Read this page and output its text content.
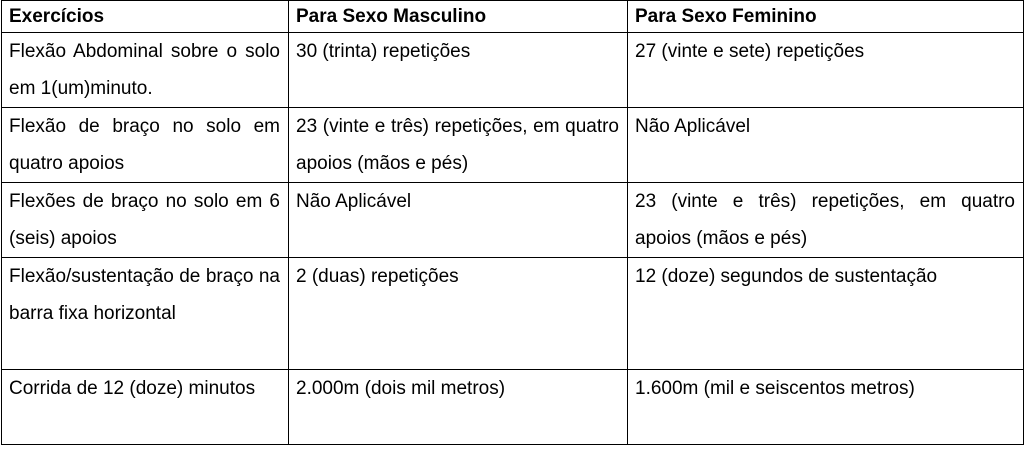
Exercícios	Para Sexo Masculino	Para Sexo Feminino
Flexão Abdominal sobre o solo em 1(um)minuto.	30 (trinta) repetições	27 (vinte e sete) repetições
Flexão de braço no solo em quatro apoios	23 (vinte e três) repetições, em quatro apoios (mãos e pés)	Não Aplicável
Flexões de braço no solo em 6 (seis) apoios	Não Aplicável	23 (vinte e três) repetições, em quatro apoios (mãos e pés)
Flexão/sustentação de braço na barra fixa horizontal	2 (duas) repetições	12 (doze) segundos de sustentação
Corrida de 12 (doze) minutos	2.000m (dois mil metros)	1.600m (mil e seiscentos metros)
